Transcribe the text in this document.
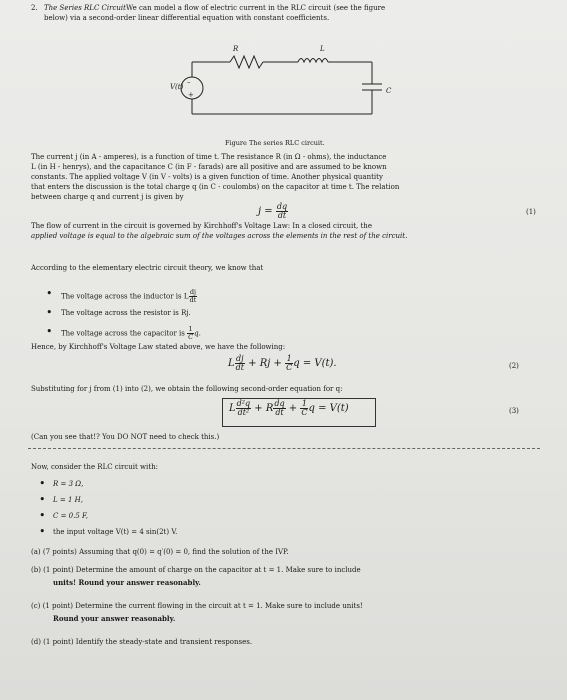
2. The Series RLC Circuit We can model a flow of electric current in the RLC circuit (see the figure
below) via a second-order linear differential equation with constant coefficients.
–
+
R	L
V(t)	C
Figure The series RLC circuit.
The current j (in A - amperes), is a function of time t. The resistance R (in Ω - ohms), the inductance
L (in H - henrys), and the capacitance C (in F - farads) are all positive and are assumed to be known
constants. The applied voltage V (in V - volts) is a given function of time. Another physical quantity
that enters the discussion is the total charge q (in C - coulombs) on the capacitor at time t. The relation
between charge q and current j is given by
$j = \frac{dq}{dt}$	(1)
The flow of current in the circuit is governed by Kirchhoff's Voltage Law: In a closed circuit, the
applied voltage is equal to the algebraic sum of the voltages across the elements in the rest of the circuit.
According to the elementary electric circuit theory, we know that
• The voltage across the inductor is L $\frac{dj}{dt}$
• The voltage across the resistor is Rj.
• The voltage across the capacitor is $\frac{1}{C} q$.
Hence, by Kirchhoff's Voltage Law stated above, we have the following:
L $\frac{dj}{dt} + Rj + \frac{1}{C}$ q = V(t).	(2)
Substituting for j from (1) into (2), we obtain the following second-order equation for q:
L $\frac{\text{d²q}}{\text{dt²}} + R \frac{dq}{dt} + \frac{1}{C}$ q = V(t)	(3)
(Can you see that!? You DO NOT need to check this.)
Now, consider the RLC circuit with:
• R = 3 Ω,
• L = 1 H,
• C = 0.5 F,
• the input voltage V(t) = 4 sin(2t) V.
(a) (7 points) Assuming that q(0) = q′(0) = 0, find the solution of the IVP.
(b) (1 point) Determine the amount of charge on the capacitor at t = 1. Make sure to include
units! Round your answer reasonably.
(c) (1 point) Determine the current flowing in the circuit at t = 1. Make sure to include units!
Round your answer reasonably.
(d) (1 point) Identify the steady-state and transient responses.
